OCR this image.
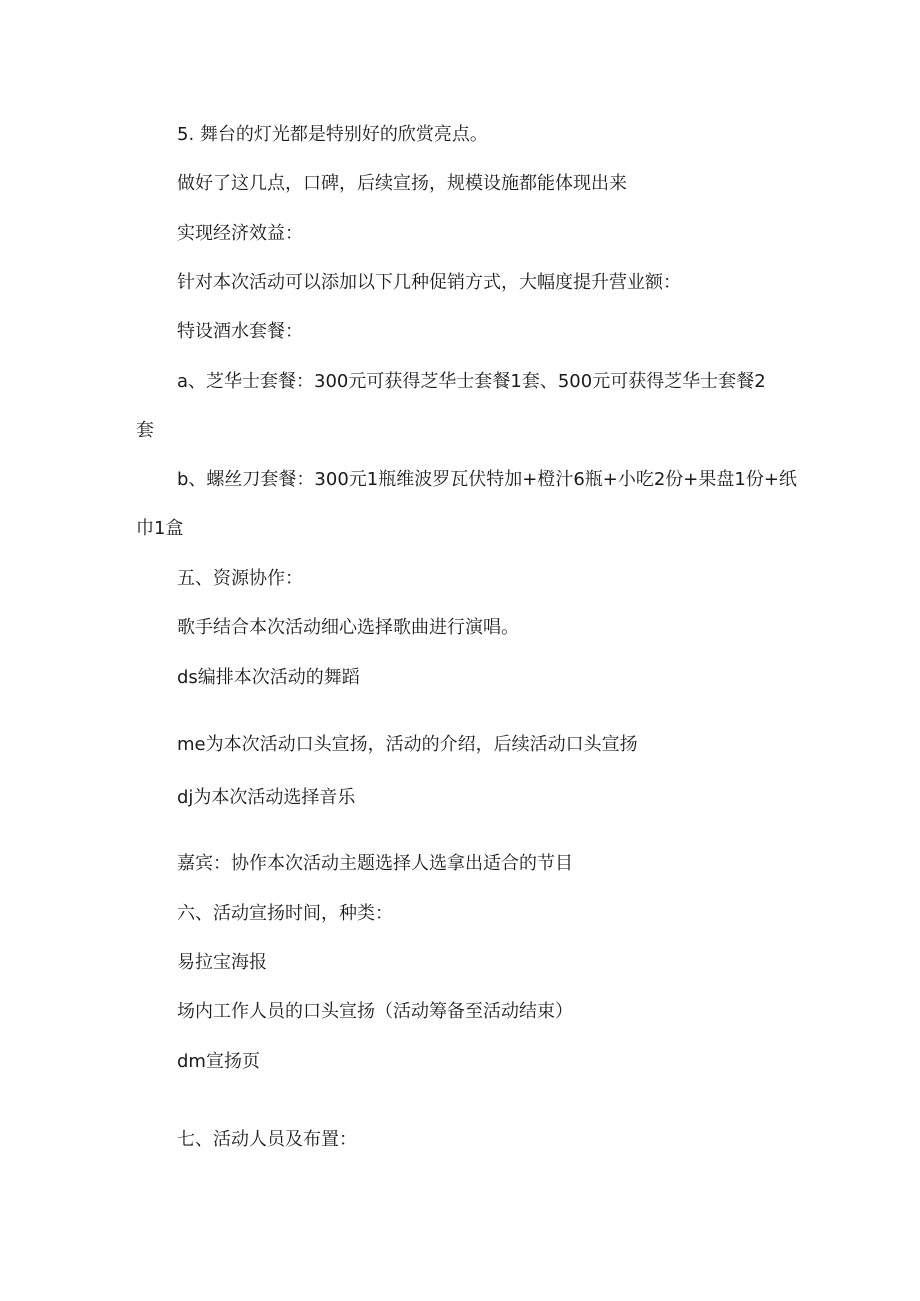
5. 舞台的灯光都是特别好的欣赏亮点。
做好了这几点，口碑，后续宣扬，规模设施都能体现出来
实现经济效益：
针对本次活动可以添加以下几种促销方式，大幅度提升营业额：
特设酒水套餐：
a、芝华士套餐：300元可获得芝华士套餐1套、500元可获得芝华士套餐2
套
b、螺丝刀套餐：300元1瓶维波罗瓦伏特加+橙汁6瓶+小吃2份+果盘1份+纸
巾1盒
五、资源协作：
歌手结合本次活动细心选择歌曲进行演唱。
ds编排本次活动的舞蹈
me为本次活动口头宣扬，活动的介绍，后续活动口头宣扬
dj为本次活动选择音乐
嘉宾：协作本次活动主题选择人选拿出适合的节目
六、活动宣扬时间，种类：
易拉宝海报
场内工作人员的口头宣扬（活动筹备至活动结束）
dm宣扬页
七、活动人员及布置：
